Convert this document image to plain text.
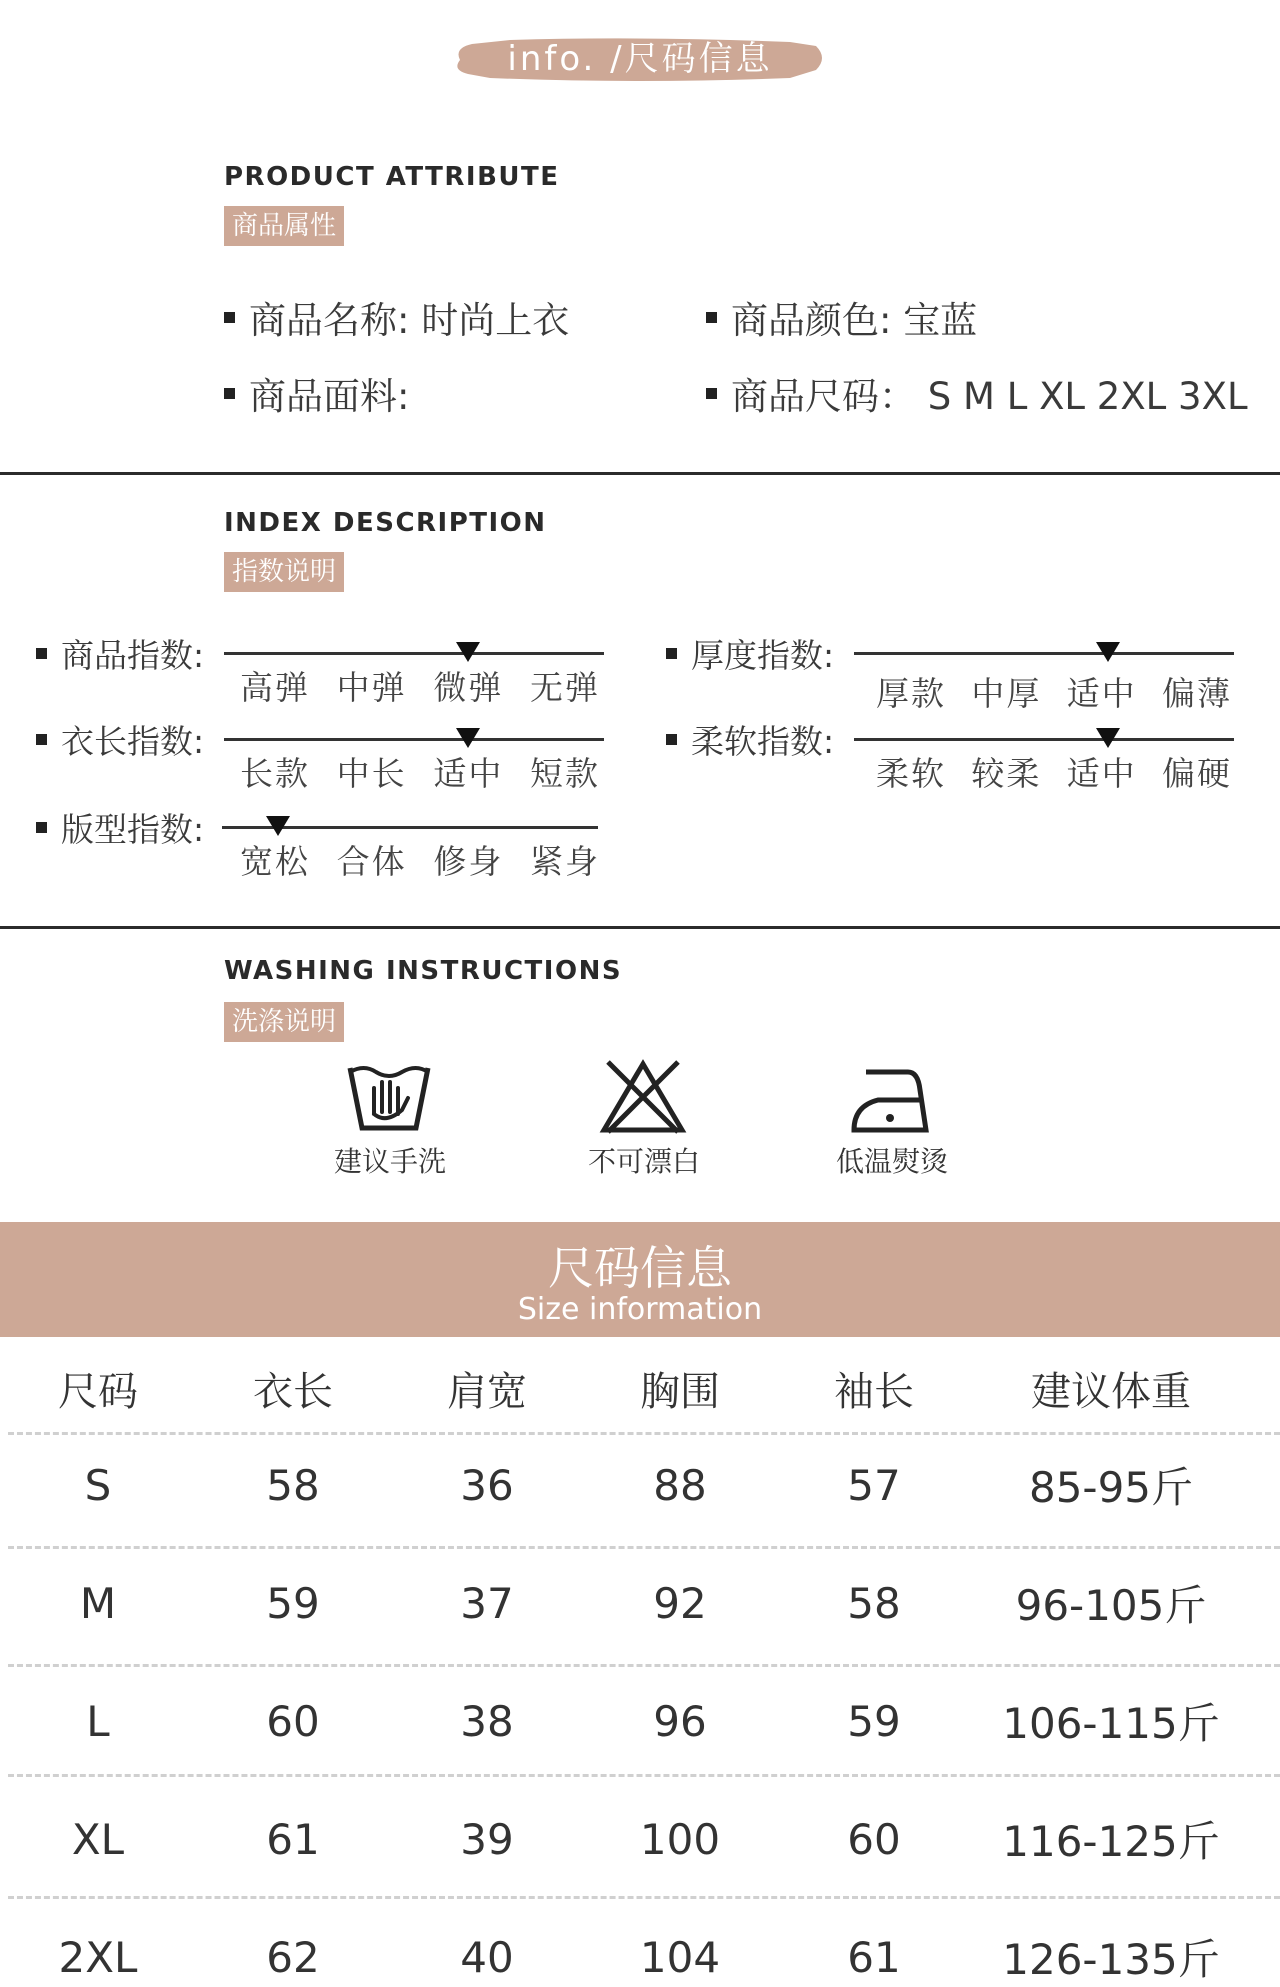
info. /尺码信息
PRODUCT ATTRIBUTE
商品属性
商品名称: 时尚上衣	商品颜色: 宝蓝
商品面料:	商品尺码： S M L XL 2XL 3XL
INDEX DESCRIPTION
指数说明
商品指数:
高弹 中弹 微弹 无弹
厚度指数:
厚款 中厚 适中 偏薄
衣长指数:
长款 中长 适中 短款
柔软指数:
柔软 较柔 适中 偏硬
版型指数:
宽松 合体 修身 紧身
WASHING INSTRUCTIONS
洗涤说明
建议手洗	不可漂白	低温熨烫
尺码信息
Size information
尺码	衣长	肩宽	胸围	袖长	建议体重
S	58	36	88	57	85-95斤
M	59	37	92	58	96-105斤
L	60	38	96	59	106-115斤
XL	61	39	100	60	116-125斤
2XL	62	40	104	61	126-135斤
